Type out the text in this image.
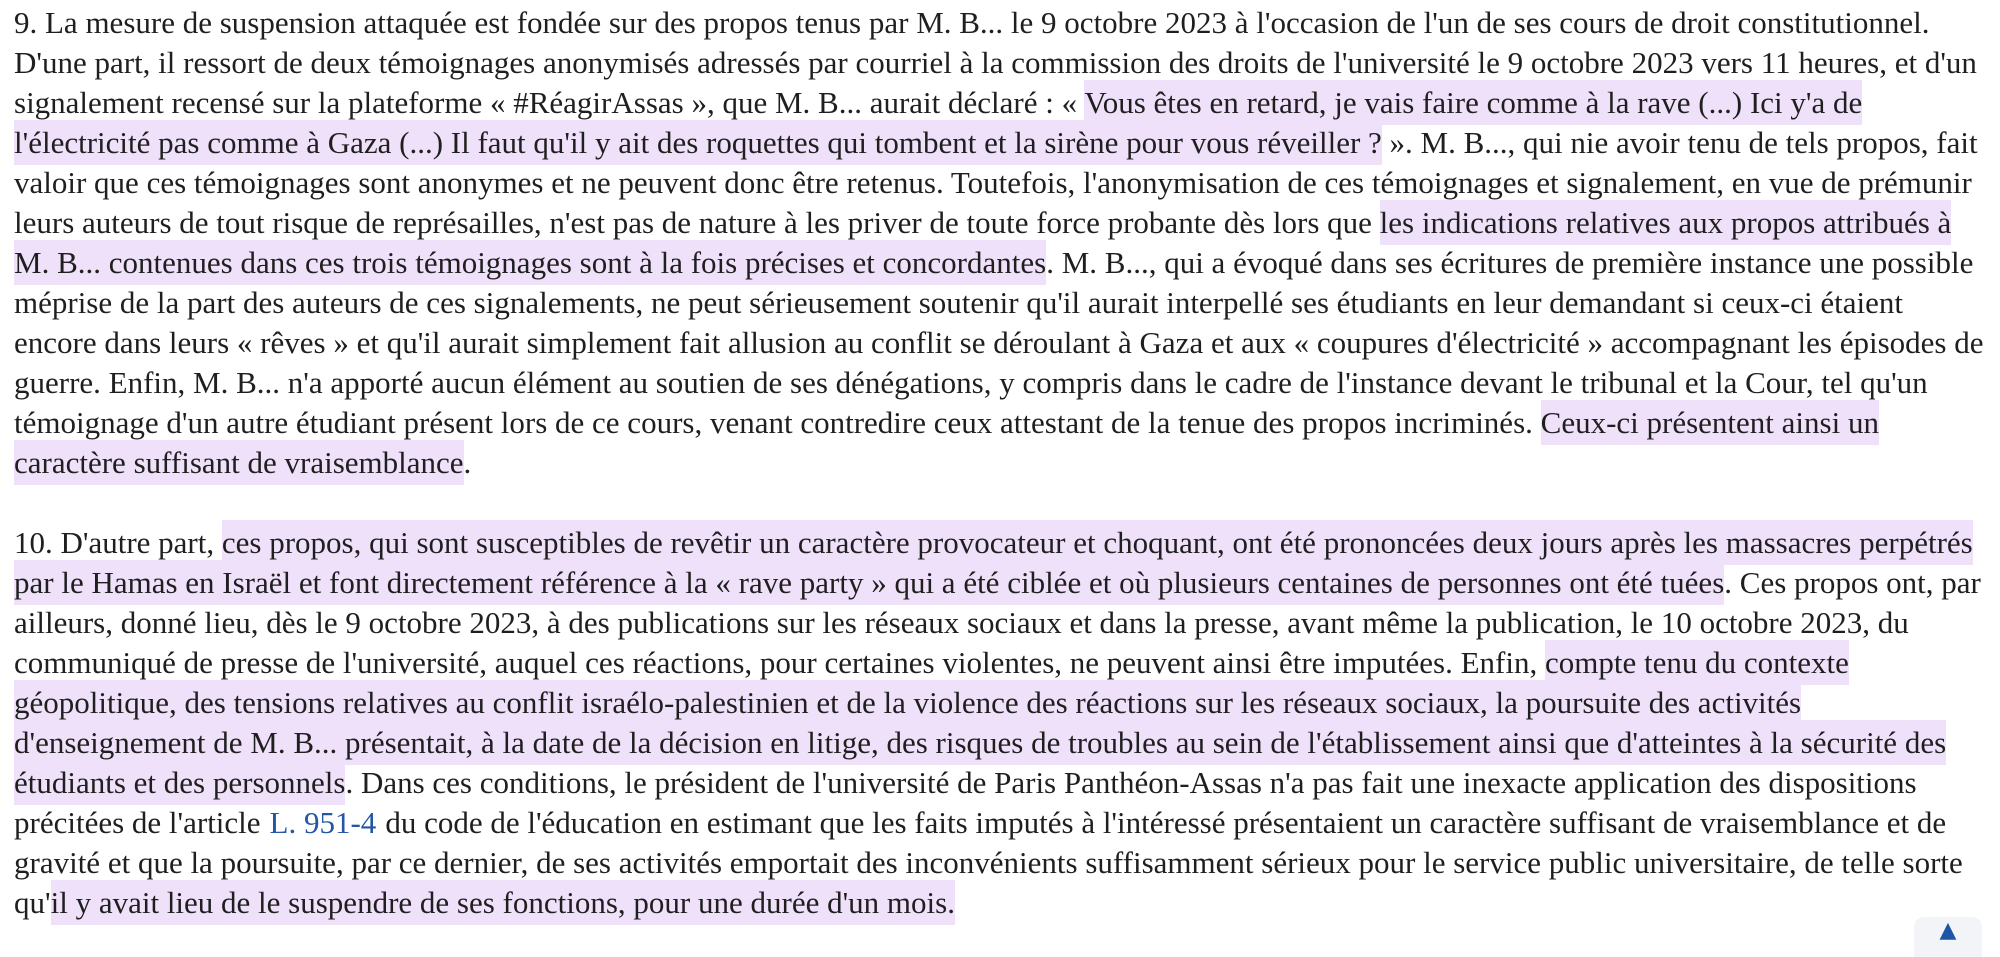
9. La mesure de suspension attaquée est fondée sur des propos tenus par M. B... le 9 octobre 2023 à l'occasion de l'un de ses cours de droit constitutionnel. D'une part, il ressort de deux témoignages anonymisés adressés par courriel à la commission des droits de l'université le 9 octobre 2023 vers 11 heures, et d'un signalement recensé sur la plateforme « #RéagirAssas », que M. B... aurait déclaré : « Vous êtes en retard, je vais faire comme à la rave (...) Ici y'a de l'électricité pas comme à Gaza (...) Il faut qu'il y ait des roquettes qui tombent et la sirène pour vous réveiller ? ». M. B..., qui nie avoir tenu de tels propos, fait valoir que ces témoignages sont anonymes et ne peuvent donc être retenus. Toutefois, l'anonymisation de ces témoignages et signalement, en vue de prémunir leurs auteurs de tout risque de représailles, n'est pas de nature à les priver de toute force probante dès lors que les indications relatives aux propos attribués à M. B... contenues dans ces trois témoignages sont à la fois précises et concordantes. M. B..., qui a évoqué dans ses écritures de première instance une possible méprise de la part des auteurs de ces signalements, ne peut sérieusement soutenir qu'il aurait interpellé ses étudiants en leur demandant si ceux-ci étaient encore dans leurs « rêves » et qu'il aurait simplement fait allusion au conflit se déroulant à Gaza et aux « coupures d'électricité » accompagnant les épisodes de guerre. Enfin, M. B... n'a apporté aucun élément au soutien de ses dénégations, y compris dans le cadre de l'instance devant le tribunal et la Cour, tel qu'un témoignage d'un autre étudiant présent lors de ce cours, venant contredire ceux attestant de la tenue des propos incriminés. Ceux-ci présentent ainsi un caractère suffisant de vraisemblance.

10. D'autre part, ces propos, qui sont susceptibles de revêtir un caractère provocateur et choquant, ont été prononcées deux jours après les massacres perpétrés par le Hamas en Israël et font directement référence à la « rave party » qui a été ciblée et où plusieurs centaines de personnes ont été tuées. Ces propos ont, par ailleurs, donné lieu, dès le 9 octobre 2023, à des publications sur les réseaux sociaux et dans la presse, avant même la publication, le 10 octobre 2023, du communiqué de presse de l'université, auquel ces réactions, pour certaines violentes, ne peuvent ainsi être imputées. Enfin, compte tenu du contexte géopolitique, des tensions relatives au conflit israélo-palestinien et de la violence des réactions sur les réseaux sociaux, la poursuite des activités d'enseignement de M. B... présentait, à la date de la décision en litige, des risques de troubles au sein de l'établissement ainsi que d'atteintes à la sécurité des étudiants et des personnels. Dans ces conditions, le président de l'université de Paris Panthéon-Assas n'a pas fait une inexacte application des dispositions précitées de l'article L. 951-4 du code de l'éducation en estimant que les faits imputés à l'intéressé présentaient un caractère suffisant de vraisemblance et de gravité et que la poursuite, par ce dernier, de ses activités emportait des inconvénients suffisamment sérieux pour le service public universitaire, de telle sorte qu'il y avait lieu de le suspendre de ses fonctions, pour une durée d'un mois.

▲
